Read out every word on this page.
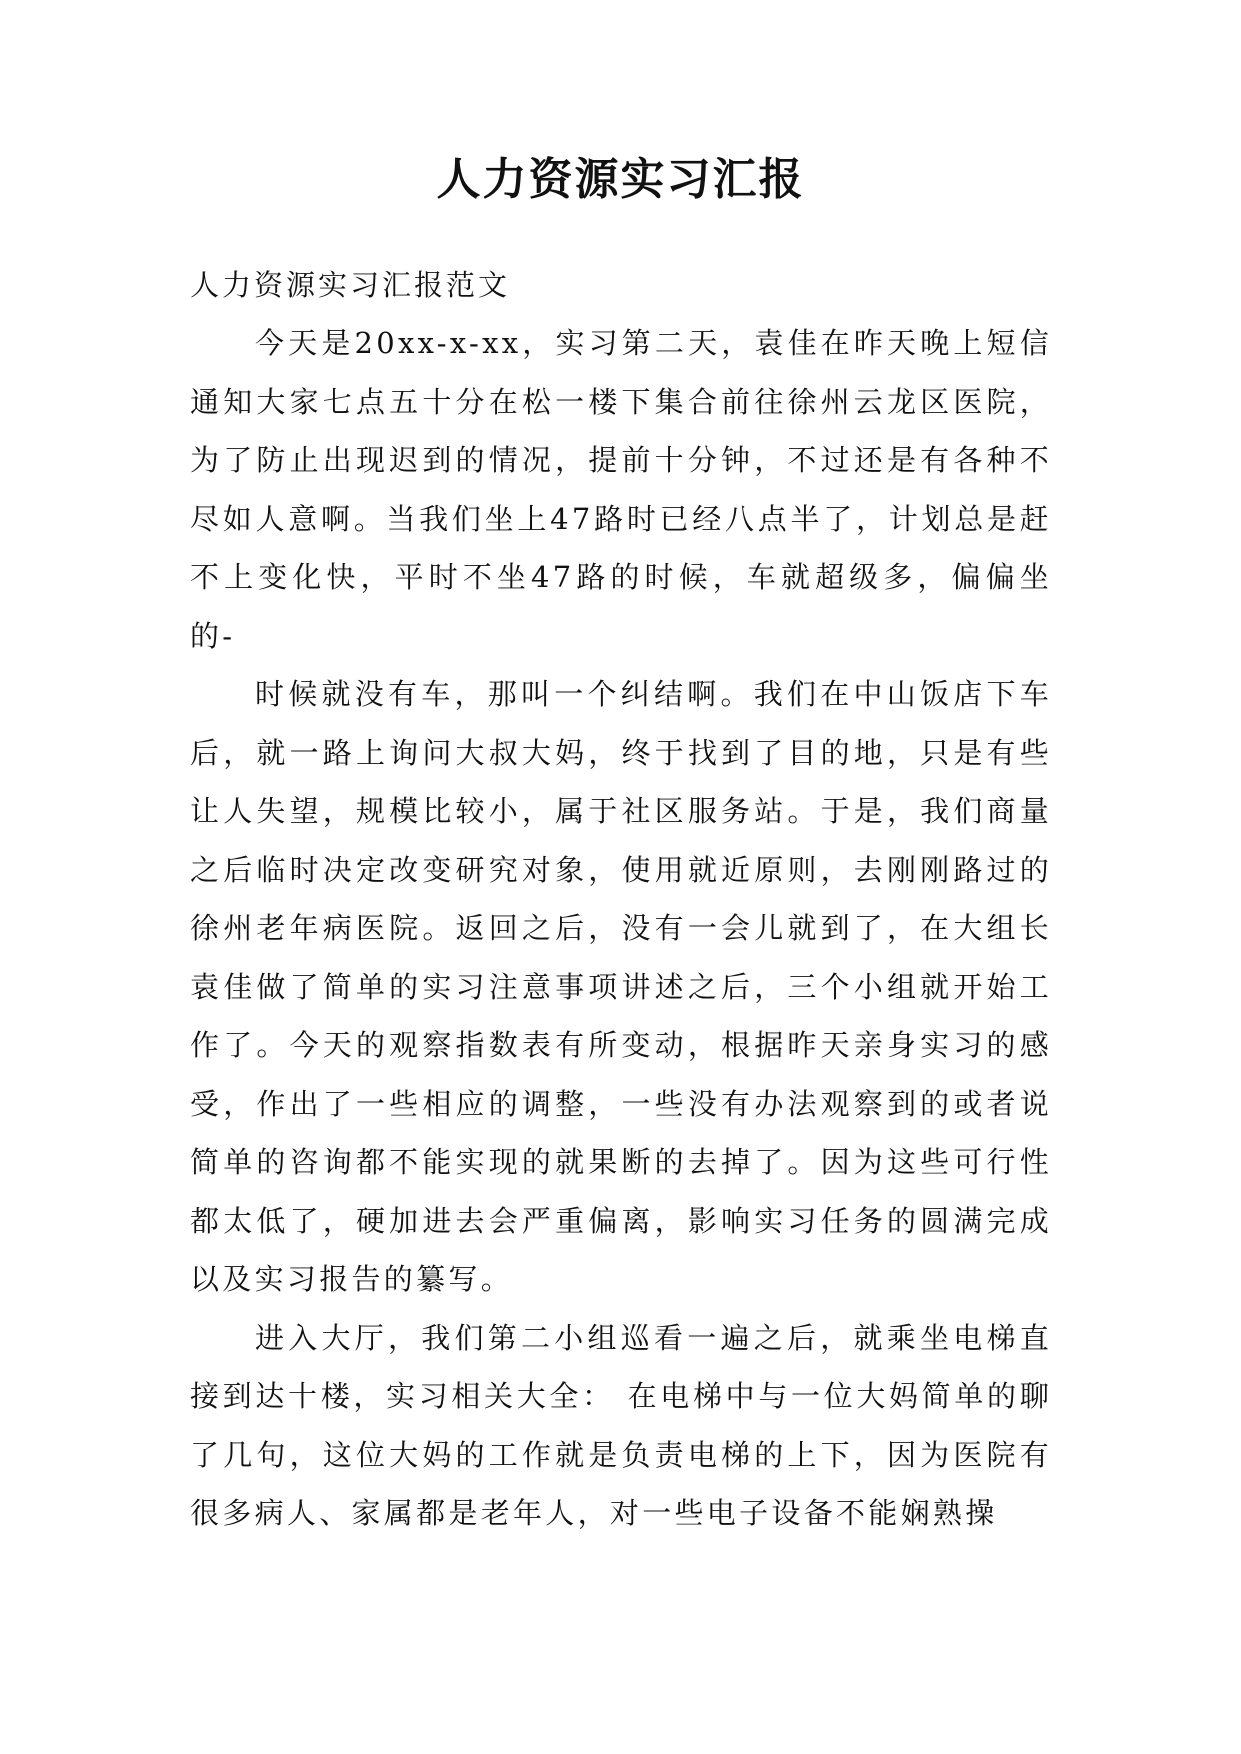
人力资源实习汇报

人力资源实习汇报范文

今天是20xx-x-xx，实习第二天，袁佳在昨天晚上短信通知大家七点五十分在松一楼下集合前往徐州云龙区医院，为了防止出现迟到的情况，提前十分钟，不过还是有各种不尽如人意啊。当我们坐上47路时已经八点半了，计划总是赶不上变化快，平时不坐47路的时候，车就超级多，偏偏坐的-

时候就没有车，那叫一个纠结啊。我们在中山饭店下车后，就一路上询问大叔大妈，终于找到了目的地，只是有些让人失望，规模比较小，属于社区服务站。于是，我们商量之后临时决定改变研究对象，使用就近原则，去刚刚路过的徐州老年病医院。返回之后，没有一会儿就到了，在大组长袁佳做了简单的实习注意事项讲述之后，三个小组就开始工作了。今天的观察指数表有所变动，根据昨天亲身实习的感受，作出了一些相应的调整，一些没有办法观察到的或者说简单的咨询都不能实现的就果断的去掉了。因为这些可行性都太低了，硬加进去会严重偏离，影响实习任务的圆满完成以及实习报告的纂写。

进入大厅，我们第二小组巡看一遍之后，就乘坐电梯直接到达十楼，实习相关大全： 在电梯中与一位大妈简单的聊了几句，这位大妈的工作就是负责电梯的上下，因为医院有很多病人、家属都是老年人，对一些电子设备不能娴熟操
